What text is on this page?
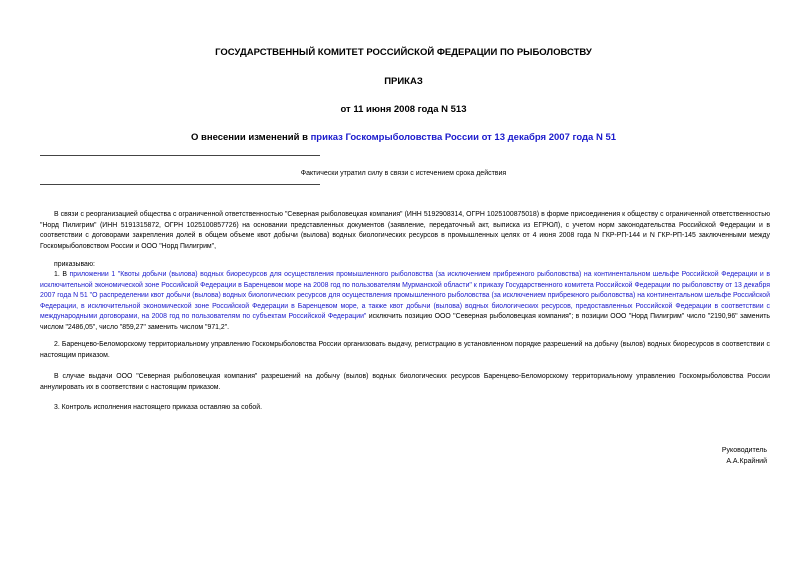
ГОСУДАРСТВЕННЫЙ КОМИТЕТ РОССИЙСКОЙ ФЕДЕРАЦИИ ПО РЫБОЛОВСТВУ
ПРИКАЗ
от 11 июня 2008 года N 513
О внесении изменений в приказ Госкомрыболовства России от 13 декабря 2007 года N 51
Фактически утратил силу в связи с истечением срока действия

В связи с реорганизацией общества с ограниченной ответственностью "Северная рыболовецкая компания" (ИНН 5192908314, ОГРН 1025100875018) в форме присоединения к обществу с ограниченной ответственностью "Норд Пилигрим" (ИНН 5191315872, ОГРН 1025100857726) на основании представленных документов (заявление, передаточный акт, выписка из ЕГРЮЛ), с учетом норм законодательства Российской Федерации и в соответствии с договорами закрепления долей в общем объеме квот добычи (вылова) водных биологических ресурсов в промышленных целях от 4 июня 2008 года N ГКР-РП-144 и N ГКР-РП-145 заключенными между Госкомрыболовством России и ООО "Норд Пилигрим",

приказываю:

1. В приложении 1 "Квоты добычи (вылова) водных биоресурсов для осуществления промышленного рыболовства (за исключением прибрежного рыболовства) на континентальном шельфе Российской Федерации и в исключительной экономической зоне Российской Федерации в Баренцевом море на 2008 год по пользователям Мурманской области" к приказу Государственного комитета Российской Федерации по рыболовству от 13 декабря 2007 года N 51 "О распределении квот добычи (вылова) водных биологических ресурсов для осуществления промышленного рыболовства (за исключением прибрежного рыболовства) на континентальном шельфе Российской Федерации, в исключительной экономической зоне Российской Федерации в Баренцевом море, а также квот добычи (вылова) водных биологических ресурсов, предоставленных Российской Федерации в соответствии с международными договорами, на 2008 год по пользователям по субъектам Российской Федерации" исключить позицию ООО "Северная рыболовецкая компания"; в позиции ООО "Норд Пилигрим" число "2190,96" заменить числом "2486,05", число "859,27" заменить числом "971,2".

2. Баренцево-Беломорскому территориальному управлению Госкомрыболовства России организовать выдачу, регистрацию в установленном порядке разрешений на добычу (вылов) водных биоресурсов в соответствии с настоящим приказом.

В случае выдачи ООО "Северная рыболовецкая компания" разрешений на добычу (вылов) водных биологических ресурсов Баренцево-Беломорскому территориальному управлению Госкомрыболовства России аннулировать их в соответствии с настоящим приказом.

3. Контроль исполнения настоящего приказа оставляю за собой.

Руководитель
А.А.Крайний
